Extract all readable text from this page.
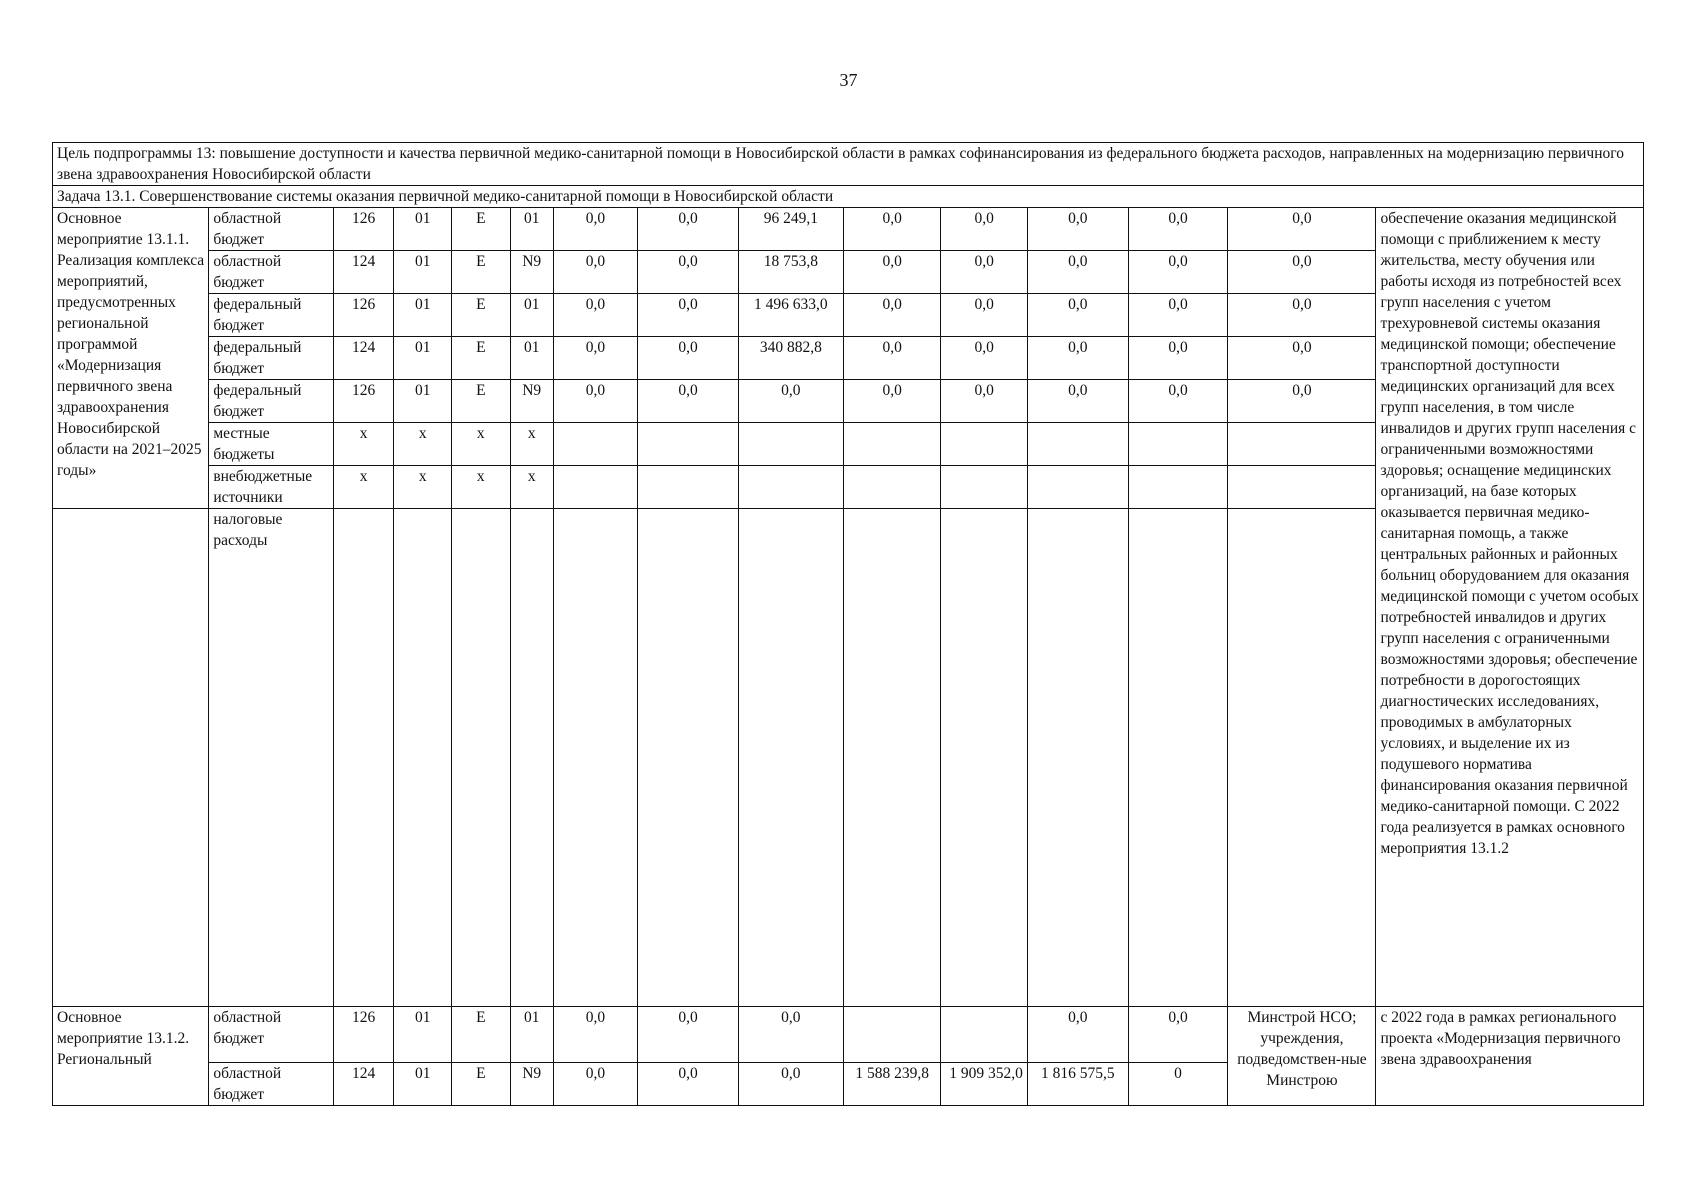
37
Цель подпрограммы 13: повышение доступности и качества первичной медико-санитарной помощи в Новосибирской области в рамках софинансирования из федерального бюджета расходов, направленных на модернизацию первичного звена здравоохранения Новосибирской области														
Задача 13.1. Совершенствование системы оказания первичной медико-санитарной помощи в Новосибирской области														
Основное мероприятие 13.1.1. Реализация комплекса мероприятий, предусмотренных региональной программой «Модернизация первичного звена здравоохранения Новосибирской области на 2021–2025 годы»	областной бюджет	126	01	Е	01	0,0	0,0	96 249,1	0,0	0,0	0,0	0,0	0,0	обеспечение оказания медицинской помощи с приближением к месту жительства, месту обучения или работы исходя из потребностей всех групп населения с учетом трехуровневой системы оказания медицинской помощи; обеспечение транспортной доступности медицинских организаций для всех групп населения, в том числе инвалидов и других групп населения с ограниченными возможностями здоровья; оснащение медицинских организаций, на базе которых оказывается первичная медико-санитарная помощь, а также центральных районных и районных больниц оборудованием для оказания медицинской помощи с учетом особых потребностей инвалидов и других групп населения с ограниченными возможностями здоровья; обеспечение потребности в дорогостоящих диагностических исследованиях, проводимых в амбулаторных условиях, и выделение их из подушевого норматива финансирования оказания первичной медико-санитарной помощи. С 2022 года реализуется в рамках основного мероприятия 13.1.2
	областной бюджет	124	01	Е	N9	0,0	0,0	18 753,8	0,0	0,0	0,0	0,0	0,0	
	федеральный бюджет	126	01	Е	01	0,0	0,0	1 496 633,0	0,0	0,0	0,0	0,0	0,0	
	федеральный бюджет	124	01	Е	01	0,0	0,0	340 882,8	0,0	0,0	0,0	0,0	0,0	
	федеральный бюджет	126	01	Е	N9	0,0	0,0	0,0	0,0	0,0	0,0	0,0	0,0	
	местные бюджеты	х	х	х	х									
	внебюджетные источники	х	х	х	х									
	налоговые расходы													
Основное мероприятие 13.1.2. Региональный	областной бюджет	126	01	Е	01	0,0	0,0	0,0			0,0	0,0	Минстрой НСО; учреждения, подведомствен-ные Минстрою	с 2022 года в рамках регионального проекта «Модернизация первичного звена здравоохранения
	областной бюджет	124	01	Е	N9	0,0	0,0	0,0	1 588 239,8	1 909 352,0	1 816 575,5	0		
